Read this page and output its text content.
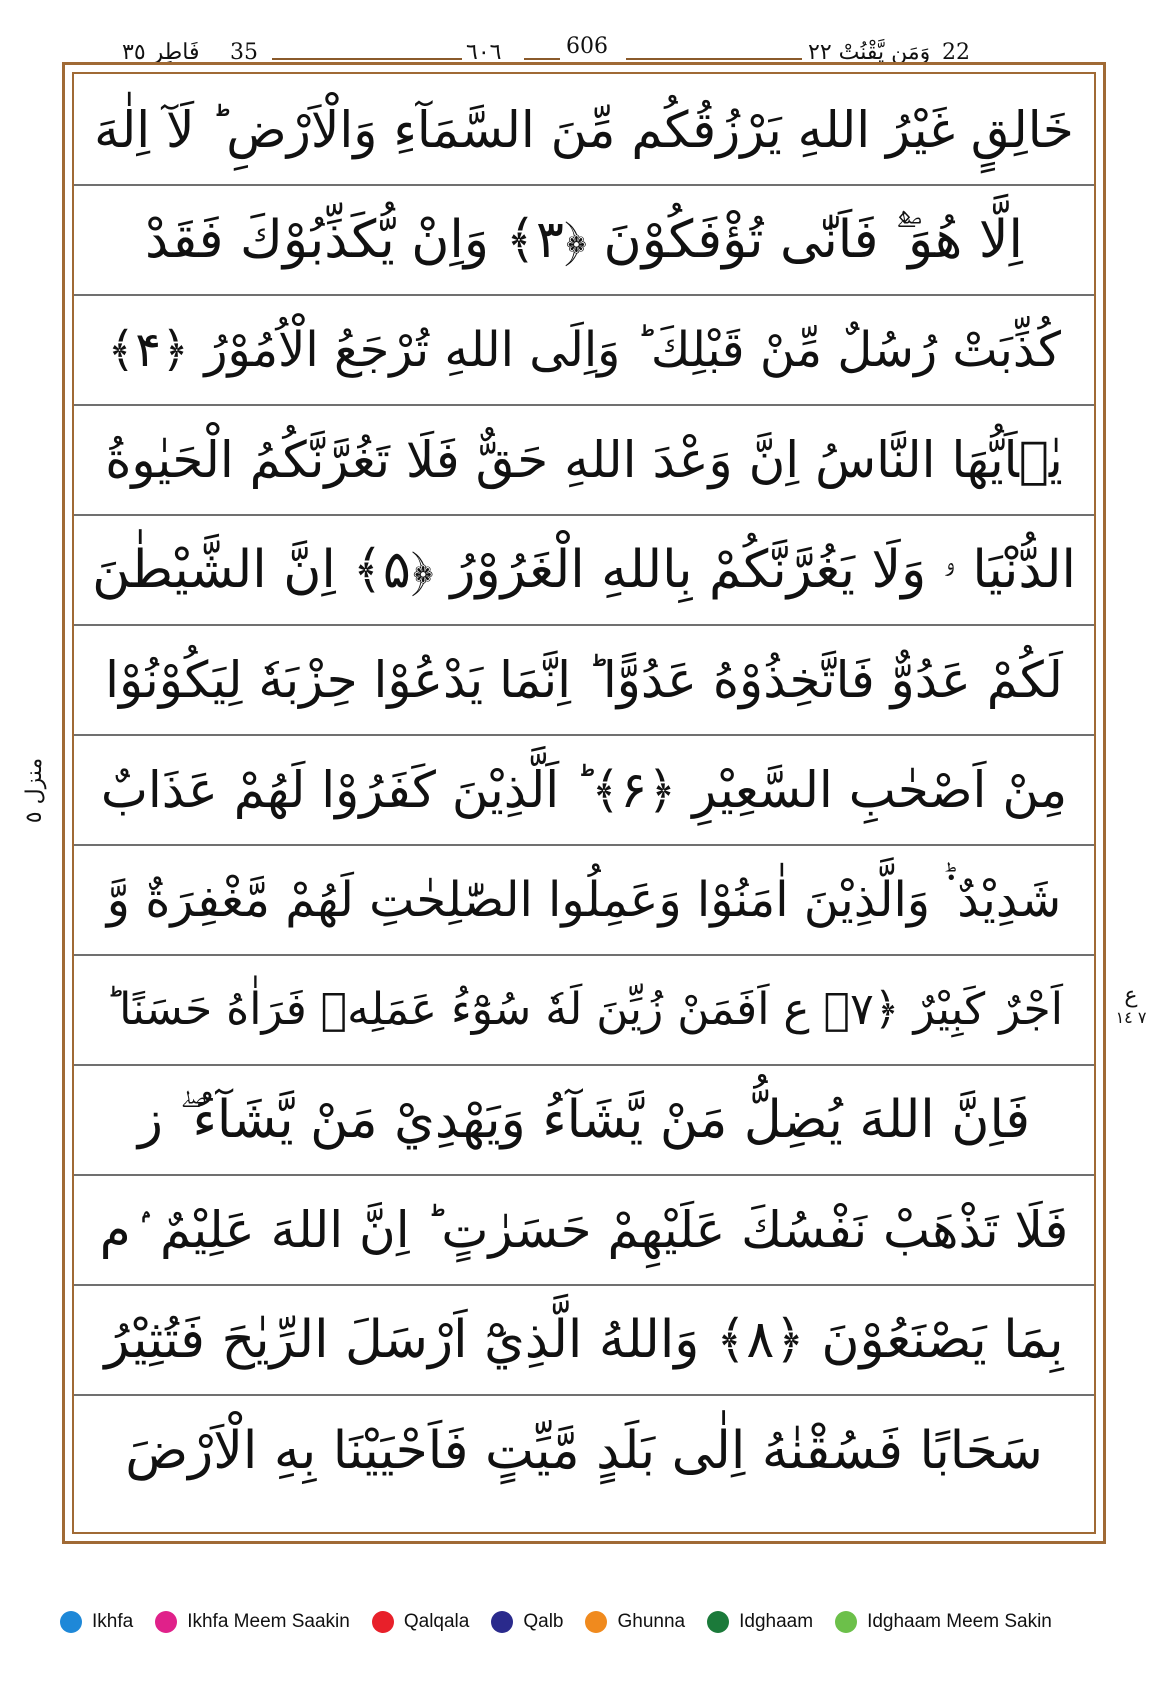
فَاطِر ٣٥ 35	٦٠٦	606	وَمَن يَّقْنُتْ ٢٢ 22
خَالِقٍ غَيْرُ اللهِ يَرْزُقُكُم مِّنَ السَّمَآءِ وَالْاَرْضِ ؕ لَآ اِلٰهَ
اِلَّا هُوَ ۫ۖ فَاَنّٰى تُؤْفَكُوْنَ ﴿۳﴾ وَاِنْ يُّكَذِّبُوْكَ فَقَدْ
كُذِّبَتْ رُسُلٌ مِّنْ قَبْلِكَ ؕ وَاِلَى اللهِ تُرْجَعُ الْاُمُوْرُ ﴿۴﴾
يٰۤاَيُّهَا النَّاسُ اِنَّ وَعْدَ اللهِ حَقٌّ فَلَا تَغُرَّنَّكُمُ الْحَيٰوةُ
الدُّنْيَا ۥ وَلَا يَغُرَّنَّكُمْ بِاللهِ الْغَرُوْرُ ﴿۵﴾ اِنَّ الشَّيْطٰنَ
لَكُمْ عَدُوٌّ فَاتَّخِذُوْهُ عَدُوًّا ؕ اِنَّمَا يَدْعُوْا حِزْبَهٗ لِيَكُوْنُوْا
مِنْ اَصْحٰبِ السَّعِيْرِ ﴿۶﴾ ؕ اَلَّذِيْنَ كَفَرُوْا لَهُمْ عَذَابٌ
شَدِيْدٌ ۬ؕ وَالَّذِيْنَ اٰمَنُوْا وَعَمِلُوا الصّٰلِحٰتِ لَهُمْ مَّغْفِرَةٌ وَّ
اَجْرٌ كَبِيْرٌ ﴿۷﴾ ع اَفَمَنْ زُيِّنَ لَهٗ سُوْٓءُ عَمَلِهٖ فَرَاٰهُ حَسَنًا ؕ
فَاِنَّ اللهَ يُضِلُّ مَنْ يَّشَآءُ وَيَهْدِيْ مَنْ يَّشَآءُ ۖ ز
فَلَا تَذْهَبْ نَفْسُكَ عَلَيْهِمْ حَسَرٰتٍ ؕ اِنَّ اللهَ عَلِيْمٌ ۢم
بِمَا يَصْنَعُوْنَ ﴿۸﴾ وَاللهُ الَّذِيْٓ اَرْسَلَ الرِّيٰحَ فَتُثِيْرُ
سَحَابًا فَسُقْنٰهُ اِلٰى بَلَدٍ مَّيِّتٍ فَاَحْيَيْنَا بِهِ الْاَرْضَ
منزل ٥
ع
٧ ١٤
Ikhfa	Ikhfa Meem Saakin	Qalqala	Qalb	Ghunna	Idghaam	Idghaam Meem Sakin
